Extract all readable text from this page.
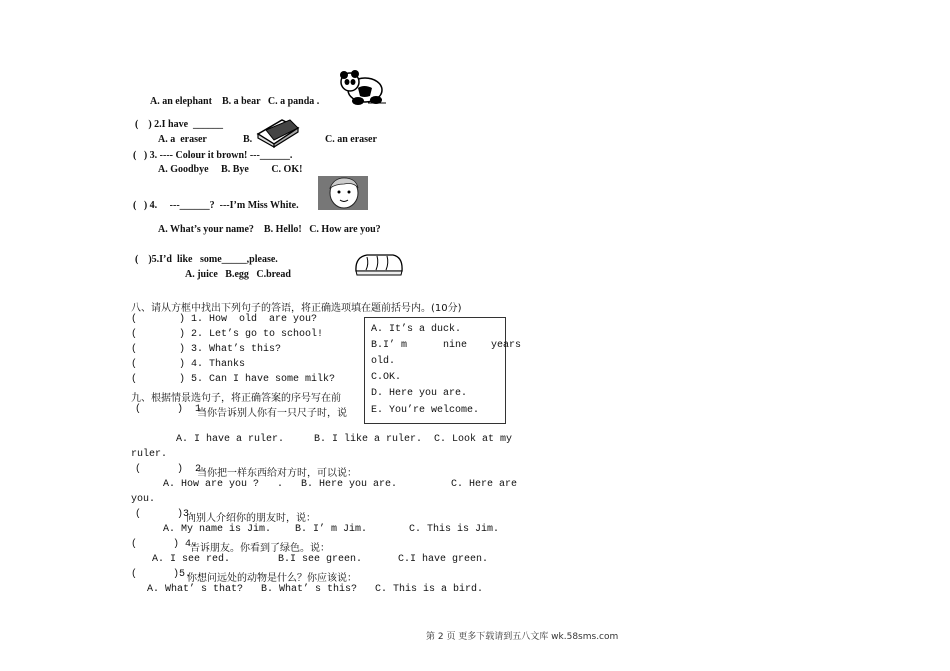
A. an elephant    B. a bear   C. a panda .
(    ) 2.I have  ______
A. a  eraser	B.	C. an eraser
(   ) 3. ---- Colour it brown! ---______.
A. Goodbye     B. Bye         C. OK!
(   ) 4.     ---______?  ---I’m Miss White.
A. What’s your name?    B. Hello!   C. How are you?
(    )5.I’d  like   some_____,please.
A. juice   B.egg   C.bread
八、请从方框中找出下列句子的答语，将正确选项填在题前括号内。(10分)
(       ) 1. How  old  are you?
(       ) 2. Let’s go to school!
(       ) 3. What’s this?
(       ) 4. Thanks
(       ) 5. Can I have some milk?
九、根据情景选句子，将正确答案的序号写在前
(      )  1.
当你告诉别人你有一只尺子时，说
A. I have a ruler.     B. I like a ruler.  C. Look at my
ruler.
(      )  2.
当你把一样东西给对方时，可以说：
A. How are you ?   .   B. Here you are.         C. Here are
you.
(      )3.
向别人介绍你的朋友时，说：
A. My name is Jim.    B. I’ m Jim.       C. This is Jim.
(      ) 4.
告诉朋友。你看到了绿色。说：
A. I see red.        B.I see green.      C.I have green.
(      )5.
你想问远处的动物是什么？你应该说：
A. What’ s that?   B. What’ s this?   C. This is a bird.
A. It’s a duck.
B.I’ m      nine    years
old.
C.OK.
D. Here you are.
E. You’re welcome.
第 2 页 更多下载请到五八文库 wk.58sms.com
